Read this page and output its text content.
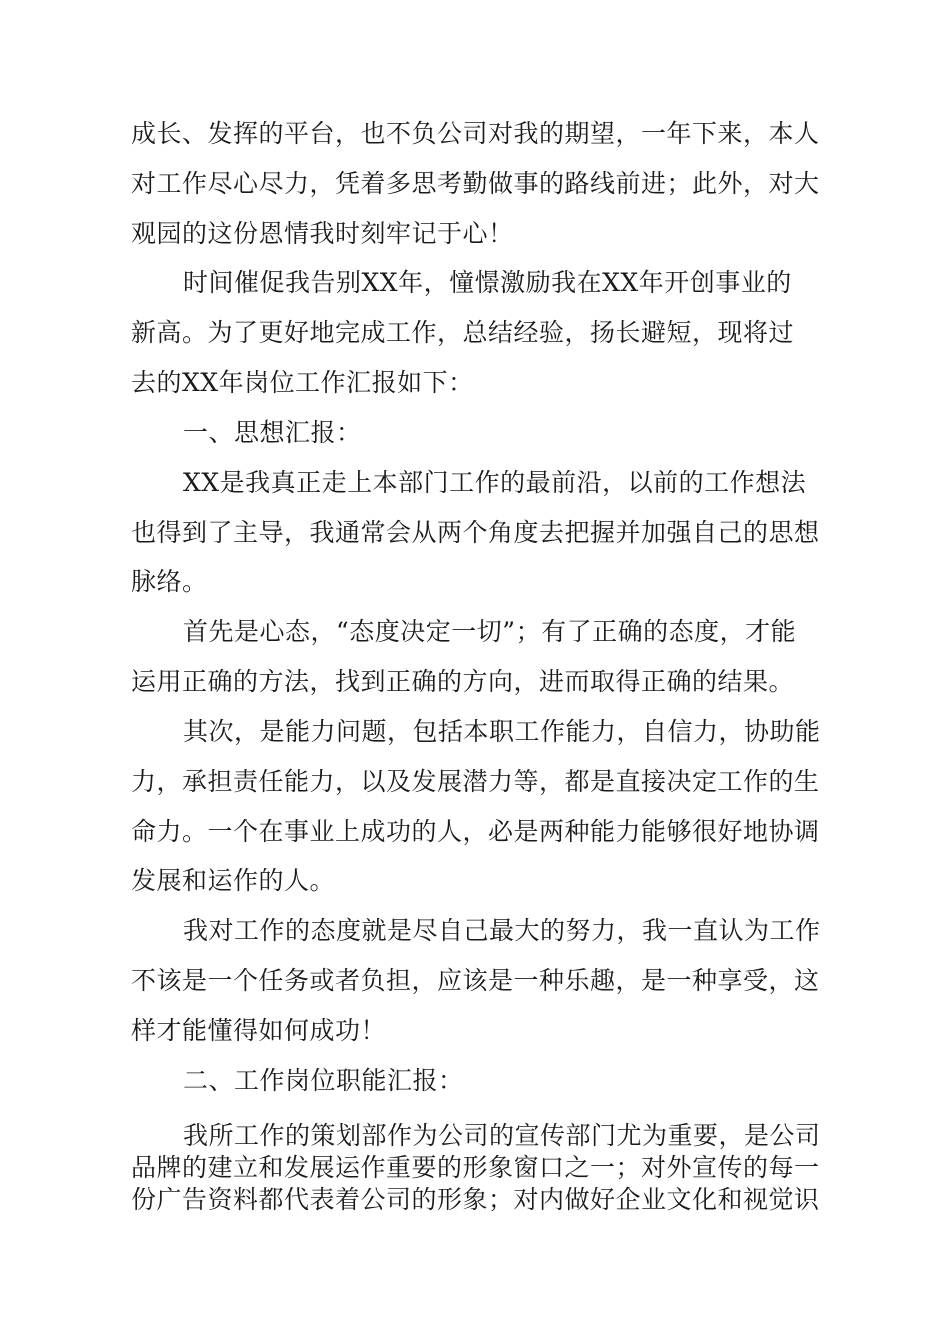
成长、发挥的平台，也不负公司对我的期望，一年下来，本人
对工作尽心尽力，凭着多思考勤做事的路线前进；此外，对大
观园的这份恩情我时刻牢记于心！
时间催促我告别XX年，憧憬激励我在XX年开创事业的
新高。为了更好地完成工作，总结经验，扬长避短，现将过
去的XX年岗位工作汇报如下：
一、思想汇报：
XX是我真正走上本部门工作的最前沿，以前的工作想法
也得到了主导，我通常会从两个角度去把握并加强自己的思想
脉络。
首先是心态，“态度决定一切”；有了正确的态度，才能
运用正确的方法，找到正确的方向，进而取得正确的结果。
其次，是能力问题，包括本职工作能力，自信力，协助能
力，承担责任能力，以及发展潜力等，都是直接决定工作的生
命力。一个在事业上成功的人，必是两种能力能够很好地协调
发展和运作的人。
我对工作的态度就是尽自己最大的努力，我一直认为工作
不该是一个任务或者负担，应该是一种乐趣，是一种享受，这
样才能懂得如何成功！
二、工作岗位职能汇报：
我所工作的策划部作为公司的宣传部门尤为重要，是公司
品牌的建立和发展运作重要的形象窗口之一；对外宣传的每一
份广告资料都代表着公司的形象；对内做好企业文化和视觉识
